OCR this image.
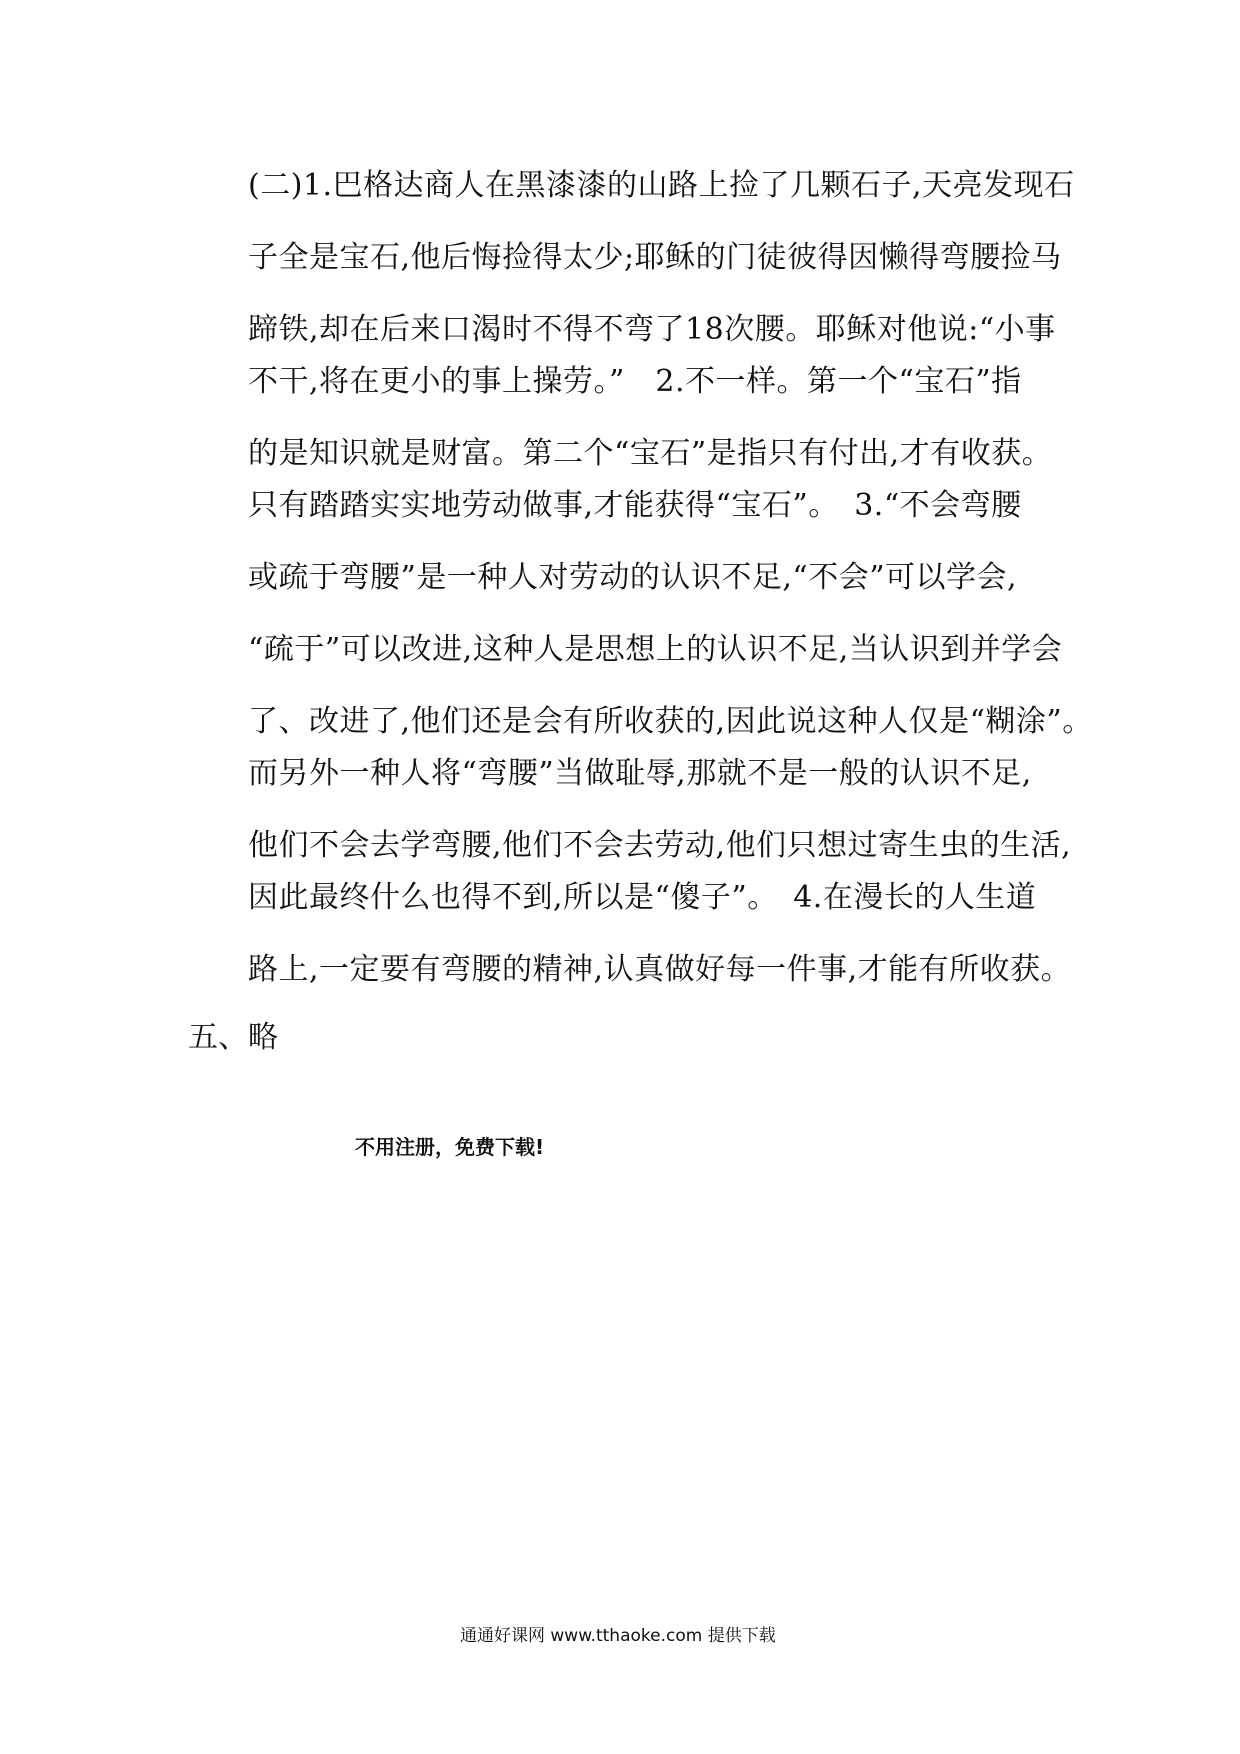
(二)1.巴格达商人在黑漆漆的山路上捡了几颗石子,天亮发现石
子全是宝石,他后悔捡得太少;耶稣的门徒彼得因懒得弯腰捡马
蹄铁,却在后来口渴时不得不弯了18次腰。耶稣对他说:“小事
不干,将在更小的事上操劳。”　2.不一样。第一个“宝石”指
的是知识就是财富。第二个“宝石”是指只有付出,才有收获。
只有踏踏实实地劳动做事,才能获得“宝石”。　3.“不会弯腰
或疏于弯腰”是一种人对劳动的认识不足,“不会”可以学会,
“疏于”可以改进,这种人是思想上的认识不足,当认识到并学会
了、改进了,他们还是会有所收获的,因此说这种人仅是“糊涂”。
而另外一种人将“弯腰”当做耻辱,那就不是一般的认识不足,
他们不会去学弯腰,他们不会去劳动,他们只想过寄生虫的生活,
因此最终什么也得不到,所以是“傻子”。　4.在漫长的人生道
路上,一定要有弯腰的精神,认真做好每一件事,才能有所收获。
五、略
不用注册，免费下载!
通通好课网 www.tthaoke.com 提供下载
